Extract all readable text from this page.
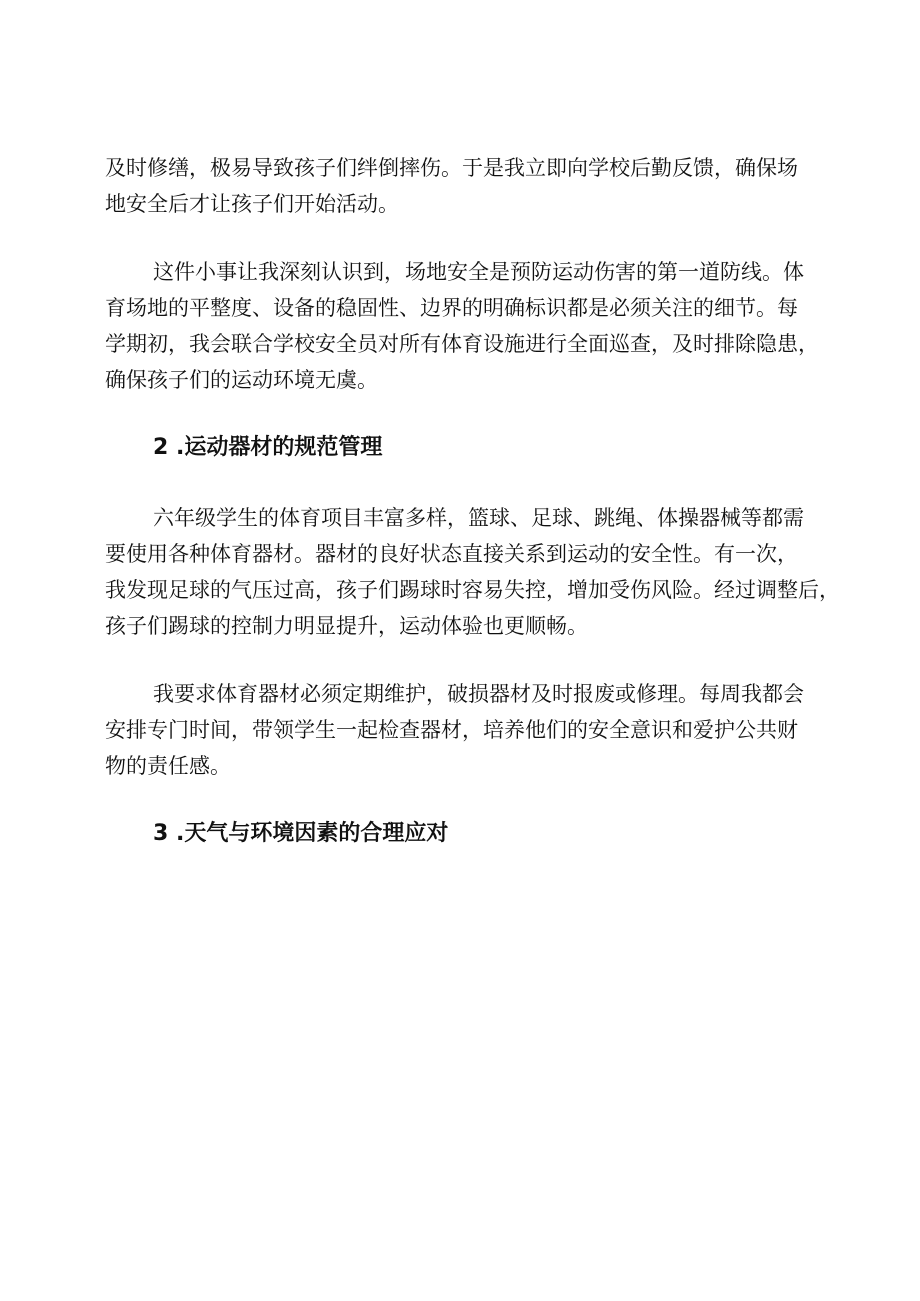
及时修缮，极易导致孩子们绊倒摔伤。于是我立即向学校后勤反馈，确保场

地安全后才让孩子们开始活动。

这件小事让我深刻认识到，场地安全是预防运动伤害的第一道防线。体

育场地的平整度、设备的稳固性、边界的明确标识都是必须关注的细节。每

学期初，我会联合学校安全员对所有体育设施进行全面巡查，及时排除隐患，

确保孩子们的运动环境无虞。

2 .运动器材的规范管理

六年级学生的体育项目丰富多样，篮球、足球、跳绳、体操器械等都需

要使用各种体育器材。器材的良好状态直接关系到运动的安全性。有一次，

我发现足球的气压过高，孩子们踢球时容易失控，增加受伤风险。经过调整后，

孩子们踢球的控制力明显提升，运动体验也更顺畅。

我要求体育器材必须定期维护，破损器材及时报废或修理。每周我都会

安排专门时间，带领学生一起检查器材，培养他们的安全意识和爱护公共财

物的责任感。

3 .天气与环境因素的合理应对
